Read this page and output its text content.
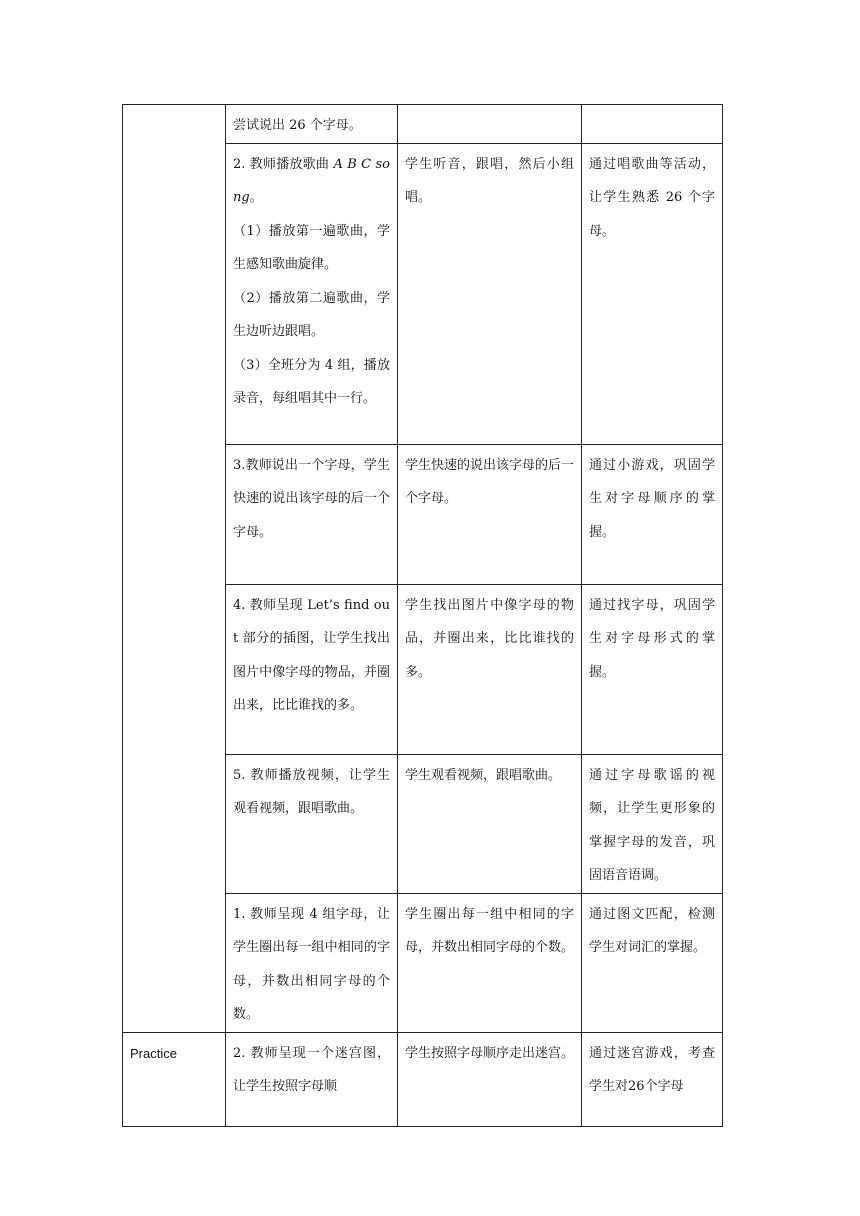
	尝试说出 26 个字母。		

	2. 教师播放歌曲 A B C song。
（1）播放第一遍歌曲，学生感知歌曲旋律。
（2）播放第二遍歌曲，学生边听边跟唱。
（3）全班分为 4 组，播放录音，每组唱其中一行。	学生听音，跟唱，然后小组唱。	通过唱歌曲等活动，让学生熟悉 26 个字母。

	3.教师说出一个字母，学生快速的说出该字母的后一个字母。	学生快速的说出该字母的后一个字母。	通过小游戏，巩固学生对字母顺序的掌握。

	4. 教师呈现 Let’s find out 部分的插图，让学生找出图片中像字母的物品，并圈出来，比比谁找的多。	学生找出图片中像字母的物品，并圈出来，比比谁找的多。	通过找字母，巩固学生对字母形式的掌握。

	5. 教师播放视频，让学生观看视频，跟唱歌曲。	学生观看视频，跟唱歌曲。	通过字母歌谣的视频，让学生更形象的掌握字母的发音，巩固语音语调。

	1. 教师呈现 4 组字母，让学生圈出每一组中相同的字母，并数出相同字母的个数。	学生圈出每一组中相同的字母，并数出相同字母的个数。	通过图文匹配，检测学生对词汇的掌握。

Practice	2. 教师呈现一个迷宫图，让学生按照字母顺	学生按照字母顺序走出迷宫。	通过迷宫游戏，考查学生对26个字母
